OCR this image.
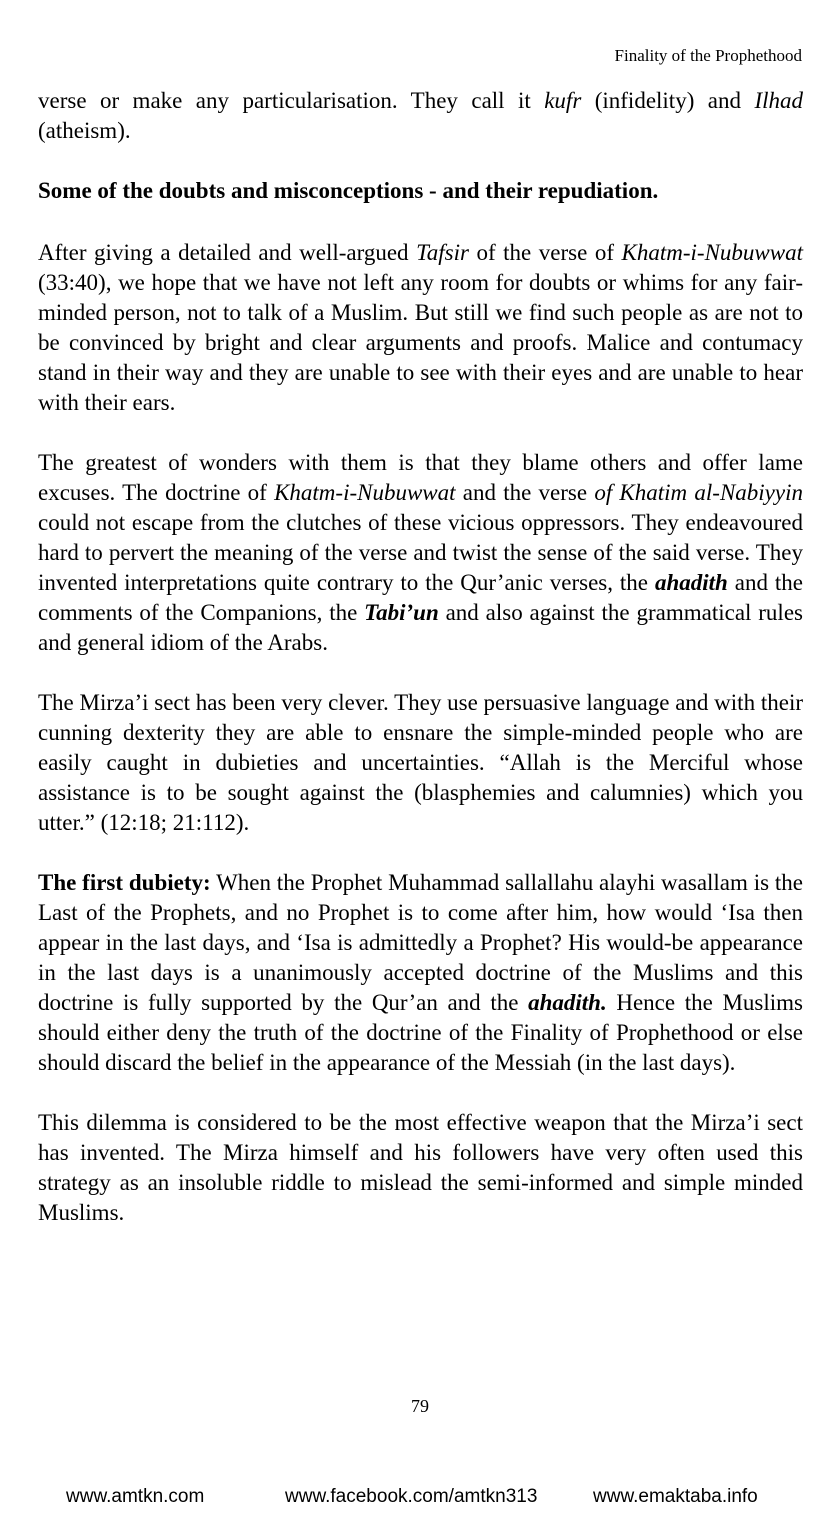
Finality of the Prophethood

verse or make any particularisation. They call it kufr (infidelity) and Ilhad (atheism).

Some of the doubts and misconceptions - and their repudiation.

After giving a detailed and well-argued Tafsir of the verse of Khatm-i-Nubuwwat (33:40), we hope that we have not left any room for doubts or whims for any fair-minded person, not to talk of a Muslim. But still we find such people as are not to be convinced by bright and clear arguments and proofs. Malice and contumacy stand in their way and they are unable to see with their eyes and are unable to hear with their ears.

The greatest of wonders with them is that they blame others and offer lame excuses. The doctrine of Khatm-i-Nubuwwat and the verse of Khatim al-Nabiyyin could not escape from the clutches of these vicious oppressors. They endeavoured hard to pervert the meaning of the verse and twist the sense of the said verse. They invented interpretations quite contrary to the Qur’anic verses, the ahadith and the comments of the Companions, the Tabi’un and also against the grammatical rules and general idiom of the Arabs.

The Mirza’i sect has been very clever. They use persuasive language and with their cunning dexterity they are able to ensnare the simple-minded people who are easily caught in dubieties and uncertainties. “Allah is the Merciful whose assistance is to be sought against the (blasphemies and calumnies) which you utter.” (12:18; 21:112).

The first dubiety: When the Prophet Muhammad sallallahu alayhi wasallam is the Last of the Prophets, and no Prophet is to come after him, how would ‘Isa then appear in the last days, and ‘Isa is admittedly a Prophet? His would-be appearance in the last days is a unanimously accepted doctrine of the Muslims and this doctrine is fully supported by the Qur’an and the ahadith. Hence the Muslims should either deny the truth of the doctrine of the Finality of Prophethood or else should discard the belief in the appearance of the Messiah (in the last days).

This dilemma is considered to be the most effective weapon that the Mirza’i sect has invented. The Mirza himself and his followers have very often used this strategy as an insoluble riddle to mislead the semi-informed and simple minded Muslims.

79
www.amtkn.com	www.facebook.com/amtkn313	www.emaktaba.info
